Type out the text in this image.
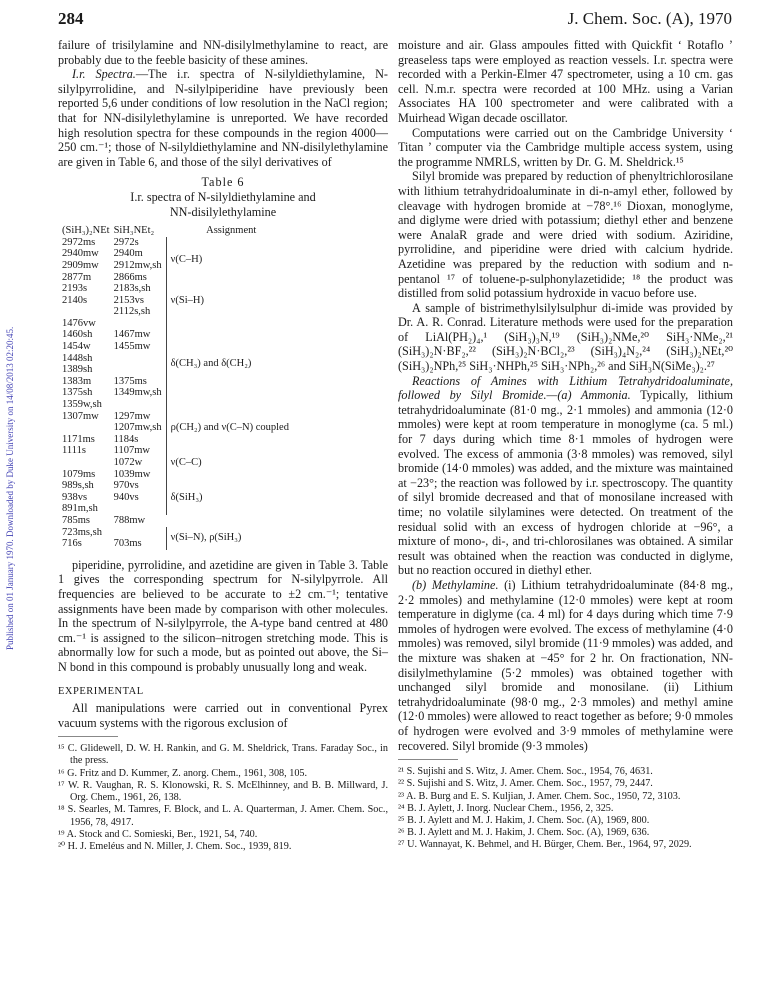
284	J. Chem. Soc. (A), 1970
Published on 01 January 1970. Downloaded by Duke University on 14/08/2013 02:20:45.

failure of trisilylamine and NN-disilylmethylamine to react, are probably due to the feeble basicity of these amines.

I.r. Spectra.—The i.r. spectra of N-silyldiethylamine, N-silylpyrrolidine, and N-silylpiperidine have previously been reported 5,6 under conditions of low resolution in the NaCl region; that for NN-disilylethylamine is unreported. We have recorded high resolution spectra for these compounds in the region 4000—250 cm.⁻¹; those of N-silyldiethylamine and NN-disilylethylamine are given in Table 6, and those of the silyl derivatives of

Table 6
I.r. spectra of N-silyldiethylamine and
NN-disilylethylamine
(SiH₃)₂NEt	SiH₃NEt₂	Assignment
2972ms	2972s	ν(C–H)
2940mw	2940m	
2909mw	2912mw,sh	
2877m	2866ms	
2193s	2183s,sh	ν(Si–H)
2140s	2153vs	
	2112s,sh	
1476vw		δ(CH₃) and δ(CH₂)
1460sh	1467mw	
1454w	1455mw	
1448sh		
1389sh		
1383m	1375ms	
1375sh	1349mw,sh	
1359w,sh		
1307mw	1297mw	ρ(CH₂) and ν(C–N) coupled
	1207mw,sh	
1171ms	1184s	
1111s	1107mw	ν(C–C)
	1072w	
1079ms	1039mw	
989s,sh	970vs	δ(SiH₃)
938vs	940vs	
891m,sh		
785ms	788mw	
723ms,sh		ν(Si–N), ρ(SiH₃)
716s	703ms	

piperidine, pyrrolidine, and azetidine are given in Table 3. Table 1 gives the corresponding spectrum for N-silylpyrrole. All frequencies are believed to be accurate to ±2 cm.⁻¹; tentative assignments have been made by comparison with other molecules. In the spectrum of N-silylpyrrole, the A-type band centred at 480 cm.⁻¹ is assigned to the silicon–nitrogen stretching mode. This is abnormally low for such a mode, but as pointed out above, the Si–N bond in this compound is probably unusually long and weak.

EXPERIMENTAL

All manipulations were carried out in conventional Pyrex vacuum systems with the rigorous exclusion of

¹⁵ C. Glidewell, D. W. H. Rankin, and G. M. Sheldrick, Trans. Faraday Soc., in the press.
¹⁶ G. Fritz and D. Kummer, Z. anorg. Chem., 1961, 308, 105.
¹⁷ W. R. Vaughan, R. S. Klonowski, R. S. McElhinney, and B. B. Millward, J. Org. Chem., 1961, 26, 138.
¹⁸ S. Searles, M. Tamres, F. Block, and L. A. Quarterman, J. Amer. Chem. Soc., 1956, 78, 4917.
¹⁹ A. Stock and C. Somieski, Ber., 1921, 54, 740.
²⁰ H. J. Emeléus and N. Miller, J. Chem. Soc., 1939, 819.

moisture and air. Glass ampoules fitted with Quickfit ‘ Rotaflo ’ greaseless taps were employed as reaction vessels. I.r. spectra were recorded with a Perkin-Elmer 47 spectrometer, using a 10 cm. gas cell. N.m.r. spectra were recorded at 100 MHz. using a Varian Associates HA 100 spectrometer and were calibrated with a Muirhead Wigan decade oscillator.

Computations were carried out on the Cambridge University ‘ Titan ’ computer via the Cambridge multiple access system, using the programme NMRLS, written by Dr. G. M. Sheldrick.¹⁵

Silyl bromide was prepared by reduction of phenyltrichlorosilane with lithium tetrahydridoaluminate in di-n-amyl ether, followed by cleavage with hydrogen bromide at −78°.¹⁶ Dioxan, monoglyme, and diglyme were dried with potassium; diethyl ether and benzene were AnalaR grade and were dried with sodium. Aziridine, pyrrolidine, and piperidine were dried with calcium hydride. Azetidine was prepared by the reduction with sodium and n-pentanol ¹⁷ of toluene-p-sulphonylazetidide; ¹⁸ the product was distilled from solid potassium hydroxide in vacuo before use.

A sample of bistrimethylsilylsulphur di-imide was provided by Dr. A. R. Conrad. Literature methods were used for the preparation of LiAl(PH₂)₄,¹ (SiH₃)₃N,¹⁹ (SiH₃)₂NMe,²⁰ SiH₃·NMe₂,²¹ (SiH₃)₂N·BF₂,²² (SiH₃)₂N·BCl₂,²³ (SiH₃)₄N₂,²⁴ (SiH₃)₂NEt,²⁰ (SiH₃)₂NPh,²⁵ SiH₃·NHPh,²⁵ SiH₃·NPh₂,²⁶ and SiH₃N(SiMe₃)₂.²⁷

Reactions of Amines with Lithium Tetrahydridoaluminate, followed by Silyl Bromide.—(a) Ammonia. Typically, lithium tetrahydridoaluminate (81·0 mg., 2·1 mmoles) and ammonia (12·0 mmoles) were kept at room temperature in monoglyme (ca. 5 ml.) for 7 days during which time 8·1 mmoles of hydrogen were evolved. The excess of ammonia (3·8 mmoles) was removed, silyl bromide (14·0 mmoles) was added, and the mixture was maintained at −23°; the reaction was followed by i.r. spectroscopy. The quantity of silyl bromide decreased and that of monosilane increased with time; no volatile silylamines were detected. On treatment of the residual solid with an excess of hydrogen chloride at −96°, a mixture of mono-, di-, and tri-chlorosilanes was obtained. A similar result was obtained when the reaction was conducted in diglyme, but no reaction occured in diethyl ether.

(b) Methylamine. (i) Lithium tetrahydridoaluminate (84·8 mg., 2·2 mmoles) and methylamine (12·0 mmoles) were kept at room temperature in diglyme (ca. 4 ml) for 4 days during which time 7·9 mmoles of hydrogen were evolved. The excess of methylamine (4·0 mmoles) was removed, silyl bromide (11·9 mmoles) was added, and the mixture was shaken at −45° for 2 hr. On fractionation, NN-disilylmethylamine (5·2 mmoles) was obtained together with unchanged silyl bromide and monosilane. (ii) Lithium tetrahydridoaluminate (98·0 mg., 2·3 mmoles) and methyl amine (12·0 mmoles) were allowed to react together as before; 9·0 mmoles of hydrogen were evolved and 3·9 mmoles of methylamine were recovered. Silyl bromide (9·3 mmoles)

²¹ S. Sujishi and S. Witz, J. Amer. Chem. Soc., 1954, 76, 4631.
²² S. Sujishi and S. Witz, J. Amer. Chem. Soc., 1957, 79, 2447.
²³ A. B. Burg and E. S. Kuljian, J. Amer. Chem. Soc., 1950, 72, 3103.
²⁴ B. J. Aylett, J. Inorg. Nuclear Chem., 1956, 2, 325.
²⁵ B. J. Aylett and M. J. Hakim, J. Chem. Soc. (A), 1969, 800.
²⁶ B. J. Aylett and M. J. Hakim, J. Chem. Soc. (A), 1969, 636.
²⁷ U. Wannayat, K. Behmel, and H. Bürger, Chem. Ber., 1964, 97, 2029.
